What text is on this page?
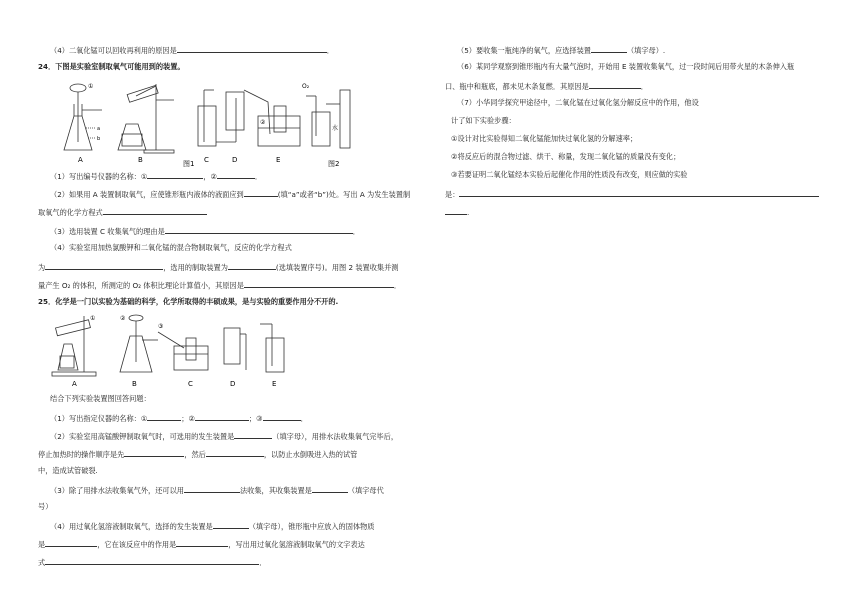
（4）二氧化锰可以回收再利用的原因是	．
24．下图是实验室制取氧气可能用到的装置。
A	B	C	D	E
图1	图2
O₂
水
①
②
a
b
（1）写出编号仪器的名称：①	，②	．
（2）如果用 A 装置制取氧气，应使锥形瓶内液体的液面应到	(填“a”或者“b”)处。写出 A 为发生装置制
取氧气的化学方程式
（3）选用装置 C 收集氧气的理由是	．
（4）实验室用加热氯酸钾和二氧化锰的混合物制取氧气，反应的化学方程式
为	，选用的制取装置为	(选填装置序号)。用图 2 装置收集并测
量产生 O₂ 的体积，所测定的 O₂ 体积比理论计算值小，其原因是	．
25．化学是一门以实验为基础的科学，化学所取得的丰硕成果，是与实验的重要作用分不开的.
A	B	C	D	E
①	②
③
结合下列实验装置图回答问题：
（1）写出指定仪器的名称：①	；②	；③	．
（2）实验室用高锰酸钾制取氧气时，可选用的发生装置是	（填字母），用排水法收集氧气完毕后，
停止加热时的操作顺序是先	，然后	，以防止水倒吸进入热的试管
中，造成试管破裂.
（3）除了用排水法收集氧气外，还可以用	法收集，其收集装置是	（填字母代
号）
（4）用过氧化氢溶液制取氧气，选择的发生装置是	（填字母），锥形瓶中应放入的固体物质
是	，它在该反应中的作用是	，写出用过氧化氢溶液制取氧气的文字表达
式	．
（5）要收集一瓶纯净的氧气，应选择装置	（填字母）.
（6）某同学观察到锥形瓶内有大量气泡时，开始用 E 装置收集氧气，过一段时间后用带火星的木条伸入瓶
口、瓶中和瓶底，都未见木条复燃．其原因是	．
（7）小华同学探究甲途径中，二氧化锰在过氧化氢分解反应中的作用，他设
计了如下实验步骤：
①设计对比实验得知二氧化锰能加快过氧化氢的分解速率；
②将反应后的混合物过滤、烘干、称量，发现二氧化锰的质量没有变化；
③若要证明二氧化锰经本实验后起催化作用的性质没有改变，则应做的实验
是：
.
